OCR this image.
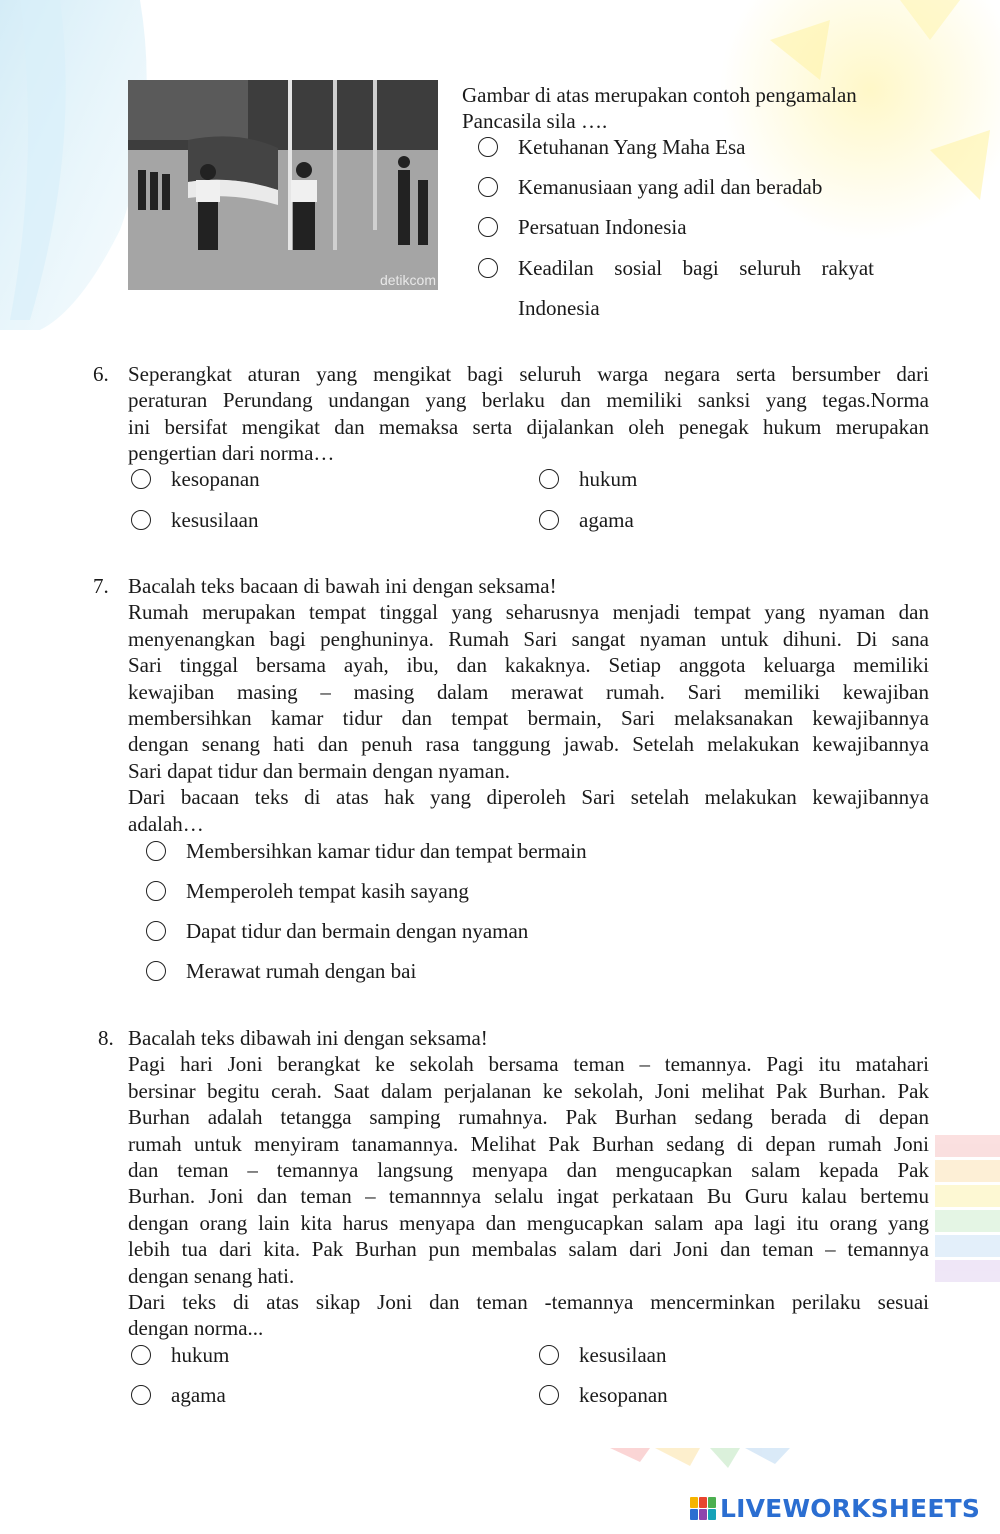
detikcom
Gambar di atas merupakan contoh pengamalan
Pancasila sila ….
Ketuhanan Yang Maha Esa
Kemanusiaan yang adil dan beradab
Persatuan Indonesia
Keadilan sosial bagi seluruh rakyat
Indonesia
6. Seperangkat aturan yang mengikat bagi seluruh warga negara serta bersumber dari
peraturan Perundang undangan yang berlaku dan memiliki sanksi yang tegas.Norma
ini bersifat mengikat dan memaksa serta dijalankan oleh penegak hukum merupakan
pengertian dari norma…
kesopanan	hukum
kesusilaan	agama
7. Bacalah teks bacaan di bawah ini dengan seksama!
Rumah merupakan tempat tinggal yang seharusnya menjadi tempat yang nyaman dan
menyenangkan bagi penghuninya. Rumah Sari sangat nyaman untuk dihuni. Di sana
Sari tinggal bersama ayah, ibu, dan kakaknya. Setiap anggota keluarga memiliki
kewajiban masing – masing dalam merawat rumah. Sari memiliki kewajiban
membersihkan kamar tidur dan tempat bermain, Sari melaksanakan kewajibannya
dengan senang hati dan penuh rasa tanggung jawab. Setelah melakukan kewajibannya
Sari dapat tidur dan bermain dengan nyaman.
Dari bacaan teks di atas hak yang diperoleh Sari setelah melakukan kewajibannya
adalah…
Membersihkan kamar tidur dan tempat bermain
Memperoleh tempat kasih sayang
Dapat tidur dan bermain dengan nyaman
Merawat rumah dengan bai
8. Bacalah teks dibawah ini dengan seksama!
Pagi hari Joni berangkat ke sekolah bersama teman – temannya. Pagi itu matahari
bersinar begitu cerah. Saat dalam perjalanan ke sekolah, Joni melihat Pak Burhan. Pak
Burhan adalah tetangga samping rumahnya. Pak Burhan sedang berada di depan
rumah untuk menyiram tanamannya. Melihat Pak Burhan sedang di depan rumah Joni
dan teman – temannya langsung menyapa dan mengucapkan salam kepada Pak
Burhan. Joni dan teman – temannnya selalu ingat perkataan Bu Guru kalau bertemu
dengan orang lain kita harus menyapa dan mengucapkan salam apa lagi itu orang yang
lebih tua dari kita. Pak Burhan pun membalas salam dari Joni dan teman – temannya
dengan senang hati.
Dari teks di atas sikap Joni dan teman -temannya mencerminkan perilaku sesuai
dengan norma...
hukum	kesusilaan
agama	kesopanan
LIVEWORKSHEETS
